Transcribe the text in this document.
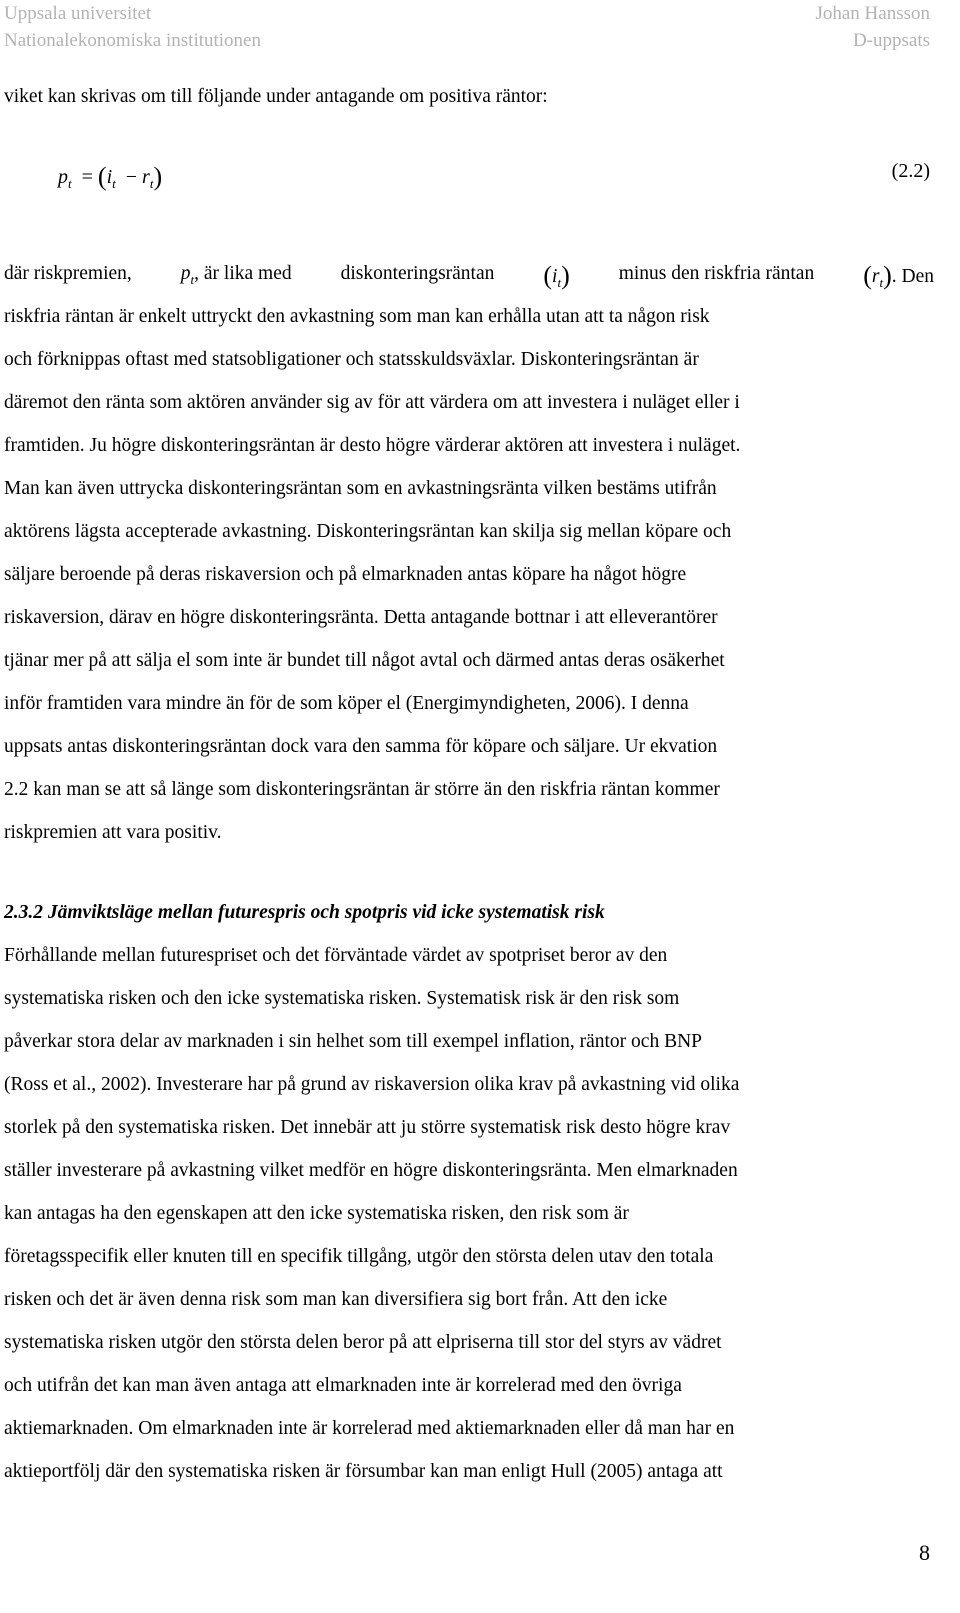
Uppsala universitet
Nationalekonomiska institutionen
Johan Hansson
D-uppsats
viket kan skrivas om till följande under antagande om positiva räntor:
$p_t = (i_t - r_t)$	(2.2)
där riskpremien,	$p_t$, är lika med	diskonteringsräntan $(i_t)$	minus den riskfria räntan $(r_t)$. Den
riskfria räntan är enkelt uttryckt den avkastning som man kan erhålla utan att ta någon risk
och förknippas oftast med statsobligationer och statsskuldsväxlar. Diskonteringsräntan är
däremot den ränta som aktören använder sig av för att värdera om att investera i nuläget eller i
framtiden. Ju högre diskonteringsräntan är desto högre värderar aktören att investera i nuläget.
Man kan även uttrycka diskonteringsräntan som en avkastningsränta vilken bestäms utifrån
aktörens lägsta accepterade avkastning. Diskonteringsräntan kan skilja sig mellan köpare och
säljare beroende på deras riskaversion och på elmarknaden antas köpare ha något högre
riskaversion, därav en högre diskonteringsränta. Detta antagande bottnar i att elleverantörer
tjänar mer på att sälja el som inte är bundet till något avtal och därmed antas deras osäkerhet
inför framtiden vara mindre än för de som köper el (Energimyndigheten, 2006). I denna
uppsats antas diskonteringsräntan dock vara den samma för köpare och säljare. Ur ekvation
2.2 kan man se att så länge som diskonteringsräntan är större än den riskfria räntan kommer
riskpremien att vara positiv.
2.3.2 Jämviktsläge mellan futurespris och spotpris vid icke systematisk risk
Förhållande mellan futurespriset och det förväntade värdet av spotpriset beror av den
systematiska risken och den icke systematiska risken. Systematisk risk är den risk som
påverkar stora delar av marknaden i sin helhet som till exempel inflation, räntor och BNP
(Ross et al., 2002). Investerare har på grund av riskaversion olika krav på avkastning vid olika
storlek på den systematiska risken. Det innebär att ju större systematisk risk desto högre krav
ställer investerare på avkastning vilket medför en högre diskonteringsränta. Men elmarknaden
kan antagas ha den egenskapen att den icke systematiska risken, den risk som är
företagsspecifik eller knuten till en specifik tillgång, utgör den största delen utav den totala
risken och det är även denna risk som man kan diversifiera sig bort från. Att den icke
systematiska risken utgör den största delen beror på att elpriserna till stor del styrs av vädret
och utifrån det kan man även antaga att elmarknaden inte är korrelerad med den övriga
aktiemarknaden. Om elmarknaden inte är korrelerad med aktiemarknaden eller då man har en
aktieportfölj där den systematiska risken är försumbar kan man enligt Hull (2005) antaga att
8
